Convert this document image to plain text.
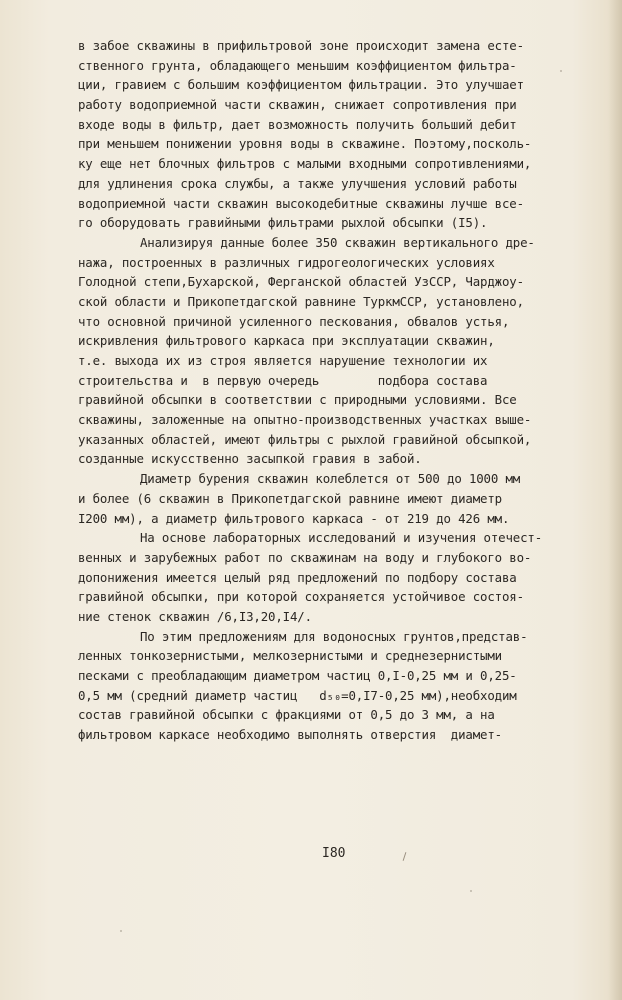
в забое скважины в прифильтровой зоне происходит замена есте-
ственного грунта, обладающего меньшим коэффициентом фильтра-
ции, гравием с большим коэффициентом фильтрации. Это улучшает
работу водоприемной части скважин, снижает сопротивления при
входе воды в фильтр, дает возможность получить больший дебит
при меньшем понижении уровня воды в скважине. Поэтому,посколь-
ку еще нет блочных фильтров с малыми входными сопротивлениями,
для удлинения срока службы, а также улучшения условий работы
водоприемной части скважин высокодебитные скважины лучше все-
го оборудовать гравийными фильтрами рыхлой обсыпки (I5).
Анализируя данные более 350 скважин вертикального дре-
нажа, построенных в различных гидрогеологических условиях
Голодной степи,Бухарской, Ферганской областей УзССР, Чарджоу-
ской области и Прикопетдагской равнине ТуркмССР, установлено,
что основной причиной усиленного пескования, обвалов устья,
искривления фильтрового каркаса при эксплуатации скважин,
т.е. выхода их из строя является нарушение технологии их
строительства и  в первую очередь        подбора состава
гравийной обсыпки в соответствии с природными условиями. Все
скважины, заложенные на опытно-производственных участках выше-
указанных областей, имеют фильтры с рыхлой гравийной обсыпкой,
созданные искусственно засыпкой гравия в забой.
Диаметр бурения скважин колеблется от 500 до 1000 мм
и более (6 скважин в Прикопетдагской равнине имеют диаметр
I200 мм), а диаметр фильтрового каркаса - от 219 до 426 мм.
На основе лабораторных исследований и изучения отечест-
венных и зарубежных работ по скважинам на воду и глубокого во-
допонижения имеется целый ряд предложений по подбору состава
гравийной обсыпки, при которой сохраняется устойчивое состоя-
ние стенок скважин /6,I3,20,I4/.
По этим предложениям для водоносных грунтов,представ-
ленных тонкозернистыми, мелкозернистыми и среднезернистыми
песками с преобладающим диаметром частиц 0,I-0,25 мм и 0,25-
0,5 мм (средний диаметр частиц   d₅₀=0,I7-0,25 мм),необходим
состав гравийной обсыпки с фракциями от 0,5 до 3 мм, а на
фильтровом каркасе необходимо выполнять отверстия  диамет-
I80
